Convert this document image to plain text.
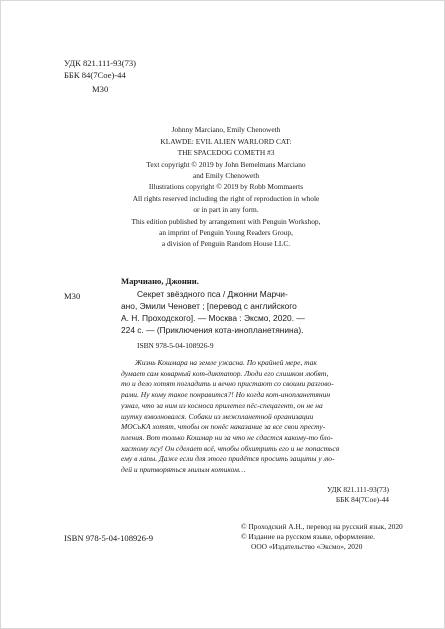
УДК 821.111-93(73)
ББК 84(7Сое)-44
М30
Johnny Marciano, Emily Chenoweth
KLAWDE: EVIL ALIEN WARLORD CAT:
THE SPACEDOG COMETH #3
Text copyright © 2019 by John Bemelmans Marciano
and Emily Chenoweth
Illustrations copyright © 2019 by Robb Mommaerts
All rights reserved including the right of reproduction in whole
or in part in any form.
This edition published by arrangement with Penguin Workshop,
an imprint of Penguin Young Readers Group,
a division of Penguin Random House LLC.
Марчиано, Джонни.
М30	Секрет звёздного пса / Джонни Марчи-
ано, Эмили Ченовет ; [перевод с английского
А. Н. Проходского]. — Москва : Эксмо, 2020. —
224 с. — (Приключения кота-инопланетянина).
ISBN 978-5-04-108926-9
Жизнь Кошмара на земле ужасна. По крайней мере, так
думает сам коварный кот-диктатор. Люди его слишком любят,
то и дело хотят погладить и вечно пристают со своими разгово-
рами. Ну кому такое понравится?! Но когда кот-инопланетянин
узнал, что за ним из космоса прилетел пёс-спецагент, он не на
шутку взволновался. Собаки из межпланетной организации
МОСьКА хотят, чтобы он понёс наказание за все свои престу-
пления. Вот только Кошмар ни за что не сдастся какому-то бло-
хастому псу! Он сделает всё, чтобы обхитрить его и не попасться
ему в лапы. Даже если для этого придётся просить защиты у лю-
дей и притворяться милым котиком…
УДК 821.111-93(73)
ББК 84(7Сое)-44
© Проходский А.Н., перевод на русский язык, 2020
© Издание на русском языке, оформление.
ООО «Издательство «Эксмо», 2020
ISBN 978-5-04-108926-9
